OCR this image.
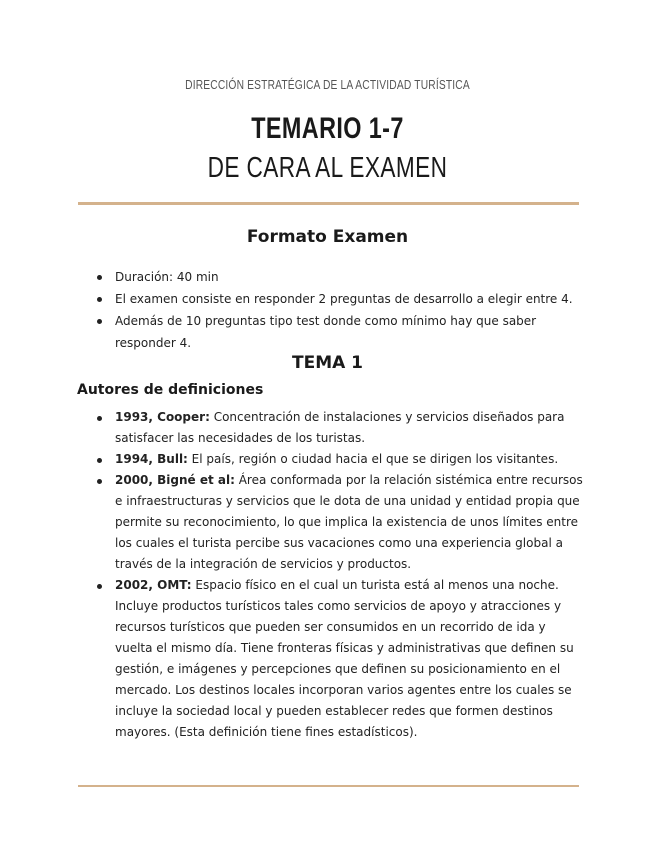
DIRECCIÓN ESTRATÉGICA DE LA ACTIVIDAD TURÍSTICA
TEMARIO 1-7
DE CARA AL EXAMEN
Formato Examen
Duración: 40 min
El examen consiste en responder 2 preguntas de desarrollo a elegir entre 4.
Además de 10 preguntas tipo test donde como mínimo hay que saber responder 4.
TEMA 1
Autores de definiciones
1993, Cooper: Concentración de instalaciones y servicios diseñados para satisfacer las necesidades de los turistas.
1994, Bull: El país, región o ciudad hacia el que se dirigen los visitantes.
2000, Bigné et al: Área conformada por la relación sistémica entre recursos e infraestructuras y servicios que le dota de una unidad y entidad propia que permite su reconocimiento, lo que implica la existencia de unos límites entre los cuales el turista percibe sus vacaciones como una experiencia global a través de la integración de servicios y productos.
2002, OMT: Espacio físico en el cual un turista está al menos una noche. Incluye productos turísticos tales como servicios de apoyo y atracciones y recursos turísticos que pueden ser consumidos en un recorrido de ida y vuelta el mismo día. Tiene fronteras físicas y administrativas que definen su gestión, e imágenes y percepciones que definen su posicionamiento en el mercado. Los destinos locales incorporan varios agentes entre los cuales se incluye la sociedad local y pueden establecer redes que formen destinos mayores. (Esta definición tiene fines estadísticos).
